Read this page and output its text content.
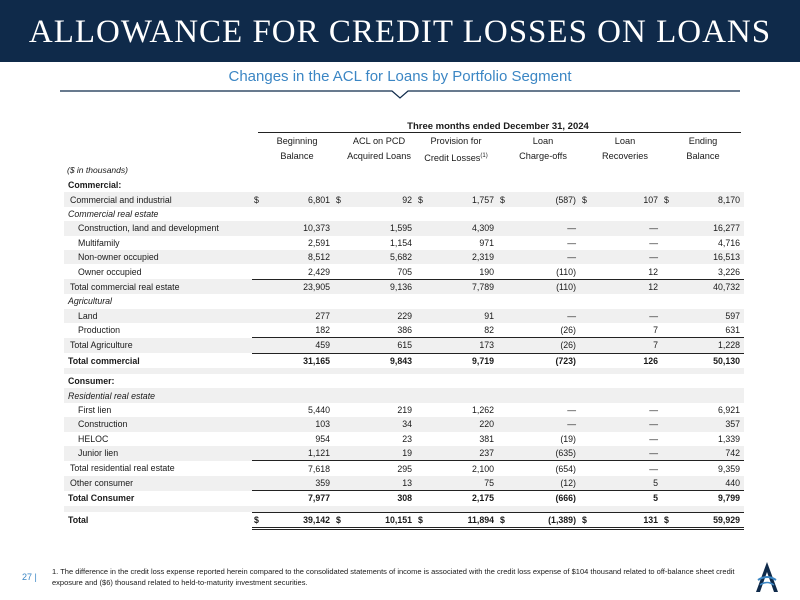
ALLOWANCE FOR CREDIT LOSSES ON LOANS
Changes in the ACL for Loans by Portfolio Segment
Three months ended December 31, 2024
Beginning
Balance
ACL on PCD
Acquired Loans
Provision for
Credit Losses$^{(1)}$
Loan
Charge-offs
Loan
Recoveries
Ending
Balance
($ in thousands)
Commercial:												
Commercial and industrial	$	6,801	$	92	$	1,757	$	(587)	$	107	$	8,170
Commercial real estate												
Construction, land and development		10,373		1,595		4,309		—		—		16,277
Multifamily		2,591		1,154		971		—		—		4,716
Non-owner occupied		8,512		5,682		2,319		—		—		16,513
Owner occupied		2,429		705		190		(110)		12		3,226
Total commercial real estate		23,905		9,136		7,789		(110)		12		40,732
Agricultural												
Land		277		229		91		—		—		597
Production		182		386		82		(26)		7		631
Total Agriculture		459		615		173		(26)		7		1,228
Total commercial		31,165		9,843		9,719		(723)		126		50,130

Consumer:												
Residential real estate												
First lien		5,440		219		1,262		—		—		6,921
Construction		103		34		220		—		—		357
HELOC		954		23		381		(19)		—		1,339
Junior lien		1,121		19		237		(635)		—		742
Total residential real estate		7,618		295		2,100		(654)		—		9,359
Other consumer		359		13		75		(12)		5		440
Total Consumer		7,977		308		2,175		(666)		5		9,799

Total	$	39,142	$	10,151	$	11,894	$	(1,389)	$	131	$	59,929
27 |
1. The difference in the credit loss expense reported herein compared to the consolidated statements of income is associated with the credit loss expense of $104 thousand related to off-balance sheet credit exposure and ($6) thousand related to held-to-maturity investment securities.
